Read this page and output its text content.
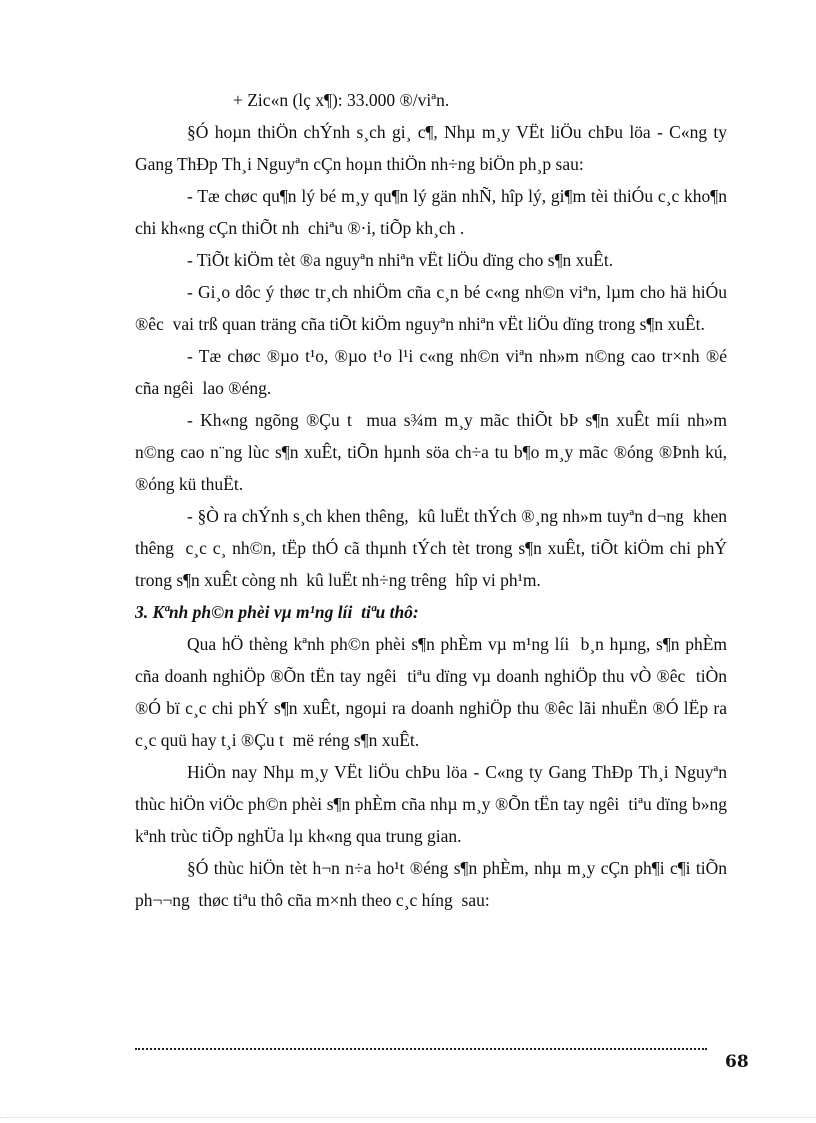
+ Zic«n (lç x¶): 33.000 ®/viªn.

§Ó hoµn thiÖn chÝnh s¸ch gi¸ c¶, Nhµ m¸y VËt liÖu chÞu löa - C«ng ty Gang ThÐp Th¸i Nguyªn cÇn hoµn thiÖn nh÷ng biÖn ph¸p sau:

- Tæ chøc qu¶n lý bé m¸y qu¶n lý gän nhÑ, hîp lý, gi¶m tèi thiÓu c¸c kho¶n chi kh«ng cÇn thiÕt nh  chiªu ®·i, tiÕp kh¸ch .

- TiÕt kiÖm tèt ®a nguyªn nhiªn vËt liÖu dïng cho s¶n xuÊt.

- Gi¸o dôc ý thøc tr¸ch nhiÖm cña c¸n bé c«ng nh©n viªn, lµm cho hä hiÓu ®êc  vai trß quan träng cña tiÕt kiÖm nguyªn nhiªn vËt liÖu dïng trong s¶n xuÊt.

- Tæ chøc ®µo t¹o, ®µo t¹o l¹i c«ng nh©n viªn nh»m n©ng cao tr×nh ®é cña ngêi  lao ®éng.

- Kh«ng ngõng ®Çu t  mua s¾m m¸y mãc thiÕt bÞ s¶n xuÊt míi nh»m n©ng cao n¨ng lùc s¶n xuÊt, tiÕn hµnh söa ch÷a tu b¶o m¸y mãc ®óng ®Þnh kú, ®óng kü thuËt.

- §Ò ra chÝnh s¸ch khen thêng,  kû luËt thÝch ®¸ng nh»m tuyªn d¬ng  khen thêng  c¸c c¸ nh©n, tËp thÓ cã thµnh tÝch tèt trong s¶n xuÊt, tiÕt kiÖm chi phÝ trong s¶n xuÊt còng nh  kû luËt nh÷ng trêng  hîp vi ph¹m.

3. Kªnh ph©n phèi vµ m¹ng líi  tiªu thô:

Qua hÖ thèng kªnh ph©n phèi s¶n phÈm vµ m¹ng líi  b¸n hµng, s¶n phÈm cña doanh nghiÖp ®Õn tËn tay ngêi  tiªu dïng vµ doanh nghiÖp thu vÒ ®êc  tiÒn ®Ó bï c¸c chi phÝ s¶n xuÊt, ngoµi ra doanh nghiÖp thu ®êc lãi nhuËn ®Ó lËp ra c¸c quü hay t¸i ®Çu t  më réng s¶n xuÊt.

HiÖn nay Nhµ m¸y VËt liÖu chÞu löa - C«ng ty Gang ThÐp Th¸i Nguyªn thùc hiÖn viÖc ph©n phèi s¶n phÈm cña nhµ m¸y ®Õn tËn tay ngêi  tiªu dïng b»ng kªnh trùc tiÕp nghÜa lµ kh«ng qua trung gian.

§Ó thùc hiÖn tèt h¬n n÷a ho¹t ®éng s¶n phÈm, nhµ m¸y cÇn ph¶i c¶i tiÕn ph¬¬ng  thøc tiªu thô cña m×nh theo c¸c híng  sau:

68
